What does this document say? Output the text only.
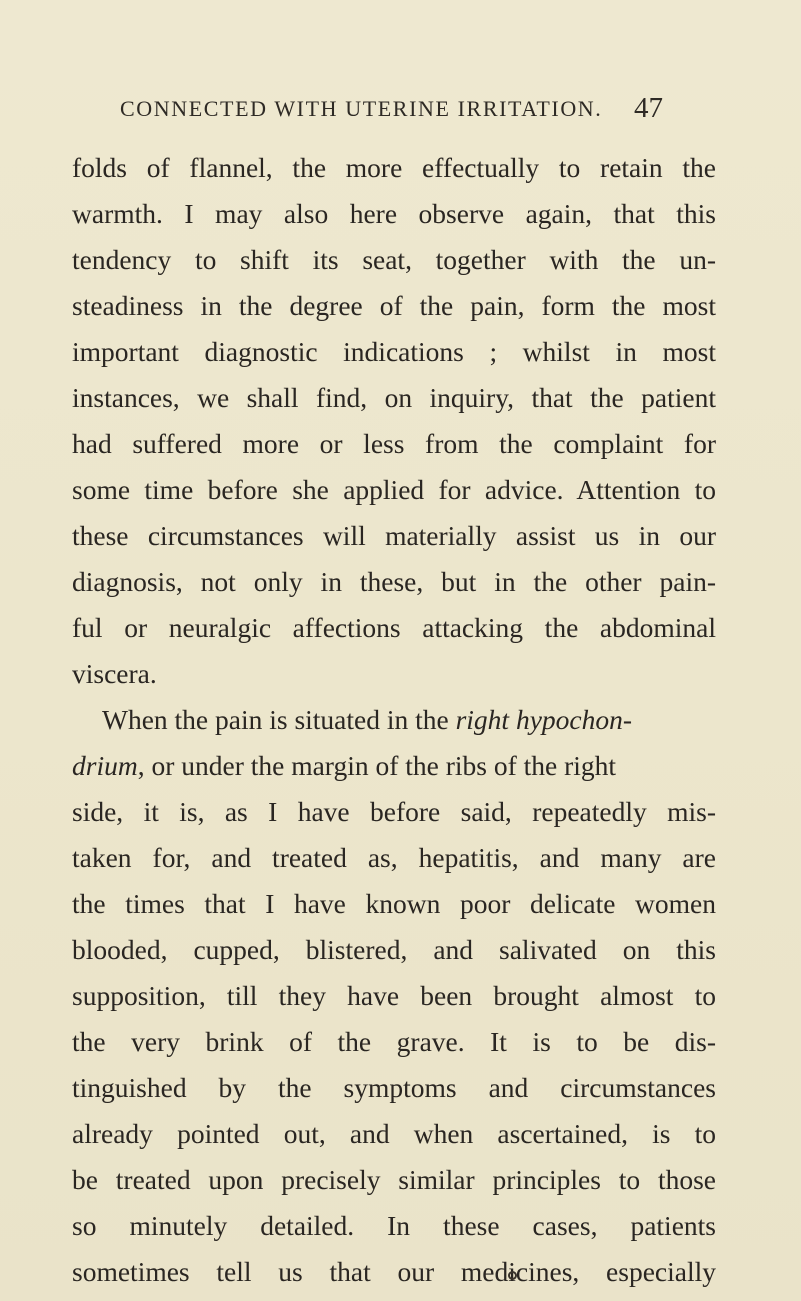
CONNECTED WITH UTERINE IRRITATION. 47
folds of flannel, the more effectually to retain the
warmth. I may also here observe again, that this
tendency to shift its seat, together with the un-
steadiness in the degree of the pain, form the most
important diagnostic indications ; whilst in most
instances, we shall find, on inquiry, that the patient
had suffered more or less from the complaint for
some time before she applied for advice. Attention to
these circumstances will materially assist us in our
diagnosis, not only in these, but in the other pain-
ful or neuralgic affections attacking the abdominal
viscera.
When the pain is situated in the right hypochon-
drium, or under the margin of the ribs of the right
side, it is, as I have before said, repeatedly mis-
taken for, and treated as, hepatitis, and many are
the times that I have known poor delicate women
blooded, cupped, blistered, and salivated on this
supposition, till they have been brought almost to
the very brink of the grave. It is to be dis-
tinguished by the symptoms and circumstances
already pointed out, and when ascertained, is to
be treated upon precisely similar principles to those
so minutely detailed. In these cases, patients
sometimes tell us that our medicines, especially
